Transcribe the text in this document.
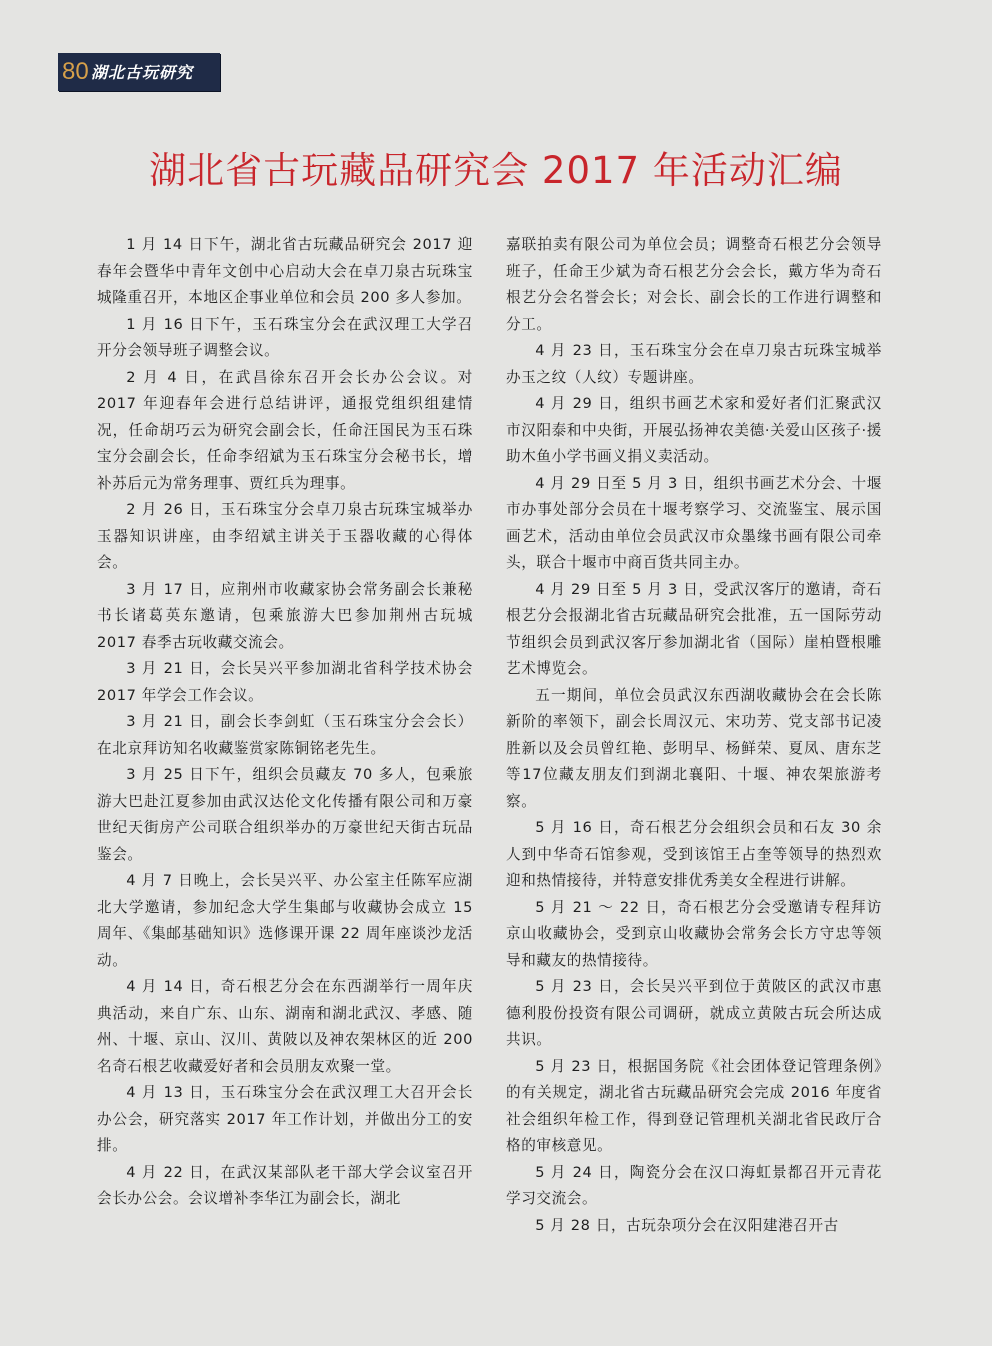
80 湖北古玩研究
湖北省古玩藏品研究会 2017 年活动汇编

1 月 14 日下午，湖北省古玩藏品研究会 2017 迎春年会暨华中青年文创中心启动大会在卓刀泉古玩珠宝城隆重召开，本地区企事业单位和会员 200 多人参加。

1 月 16 日下午，玉石珠宝分会在武汉理工大学召开分会领导班子调整会议。

2 月 4 日，在武昌徐东召开会长办公会议。对 2017 年迎春年会进行总结讲评，通报党组织组建情况，任命胡巧云为研究会副会长，任命汪国民为玉石珠宝分会副会长，任命李绍斌为玉石珠宝分会秘书长，增补苏后元为常务理事、贾红兵为理事。

2 月 26 日，玉石珠宝分会卓刀泉古玩珠宝城举办玉器知识讲座，由李绍斌主讲关于玉器收藏的心得体会。

3 月 17 日，应荆州市收藏家协会常务副会长兼秘书长诸葛英东邀请，包乘旅游大巴参加荆州古玩城 2017 春季古玩收藏交流会。

3 月 21 日，会长吴兴平参加湖北省科学技术协会 2017 年学会工作会议。

3 月 21 日，副会长李剑虹（玉石珠宝分会会长）在北京拜访知名收藏鉴赏家陈铜铭老先生。

3 月 25 日下午，组织会员藏友 70 多人，包乘旅游大巴赴江夏参加由武汉达伦文化传播有限公司和万豪世纪天街房产公司联合组织举办的万豪世纪天街古玩品鉴会。

4 月 7 日晚上，会长吴兴平、办公室主任陈军应湖北大学邀请，参加纪念大学生集邮与收藏协会成立 15 周年、《集邮基础知识》选修课开课 22 周年座谈沙龙活动。

4 月 14 日，奇石根艺分会在东西湖举行一周年庆典活动，来自广东、山东、湖南和湖北武汉、孝感、随州、十堰、京山、汉川、黄陂以及神农架林区的近 200 名奇石根艺收藏爱好者和会员朋友欢聚一堂。

4 月 13 日，玉石珠宝分会在武汉理工大召开会长办公会，研究落实 2017 年工作计划，并做出分工的安排。

4 月 22 日，在武汉某部队老干部大学会议室召开会长办公会。会议增补李华江为副会长，湖北

嘉联拍卖有限公司为单位会员；调整奇石根艺分会领导班子，任命王少斌为奇石根艺分会会长，戴方华为奇石根艺分会名誉会长；对会长、副会长的工作进行调整和分工。

4 月 23 日，玉石珠宝分会在卓刀泉古玩珠宝城举办玉之纹（人纹）专题讲座。

4 月 29 日，组织书画艺术家和爱好者们汇聚武汉市汉阳泰和中央街，开展弘扬神农美德·关爱山区孩子·援助木鱼小学书画义捐义卖活动。

4 月 29 日至 5 月 3 日，组织书画艺术分会、十堰市办事处部分会员在十堰考察学习、交流鉴宝、展示国画艺术，活动由单位会员武汉市众墨缘书画有限公司牵头，联合十堰市中商百货共同主办。

4 月 29 日至 5 月 3 日，受武汉客厅的邀请，奇石根艺分会报湖北省古玩藏品研究会批准，五一国际劳动节组织会员到武汉客厅参加湖北省（国际）崖柏暨根雕艺术博览会。

五一期间，单位会员武汉东西湖收藏协会在会长陈新阶的率领下，副会长周汉元、宋功芳、党支部书记凌胜新以及会员曾红艳、彭明早、杨鲜荣、夏凤、唐东芝等17位藏友朋友们到湖北襄阳、十堰、神农架旅游考察。

5 月 16 日，奇石根艺分会组织会员和石友 30 余人到中华奇石馆参观，受到该馆王占奎等领导的热烈欢迎和热情接待，并特意安排优秀美女全程进行讲解。

5 月 21 ～ 22 日，奇石根艺分会受邀请专程拜访京山收藏协会，受到京山收藏协会常务会长方守忠等领导和藏友的热情接待。

5 月 23 日，会长吴兴平到位于黄陂区的武汉市惠德利股份投资有限公司调研，就成立黄陂古玩会所达成共识。

5 月 23 日，根据国务院《社会团体登记管理条例》的有关规定，湖北省古玩藏品研究会完成 2016 年度省社会组织年检工作，得到登记管理机关湖北省民政厅合格的审核意见。

5 月 24 日，陶瓷分会在汉口海虹景都召开元青花学习交流会。

5 月 28 日，古玩杂项分会在汉阳建港召开古
